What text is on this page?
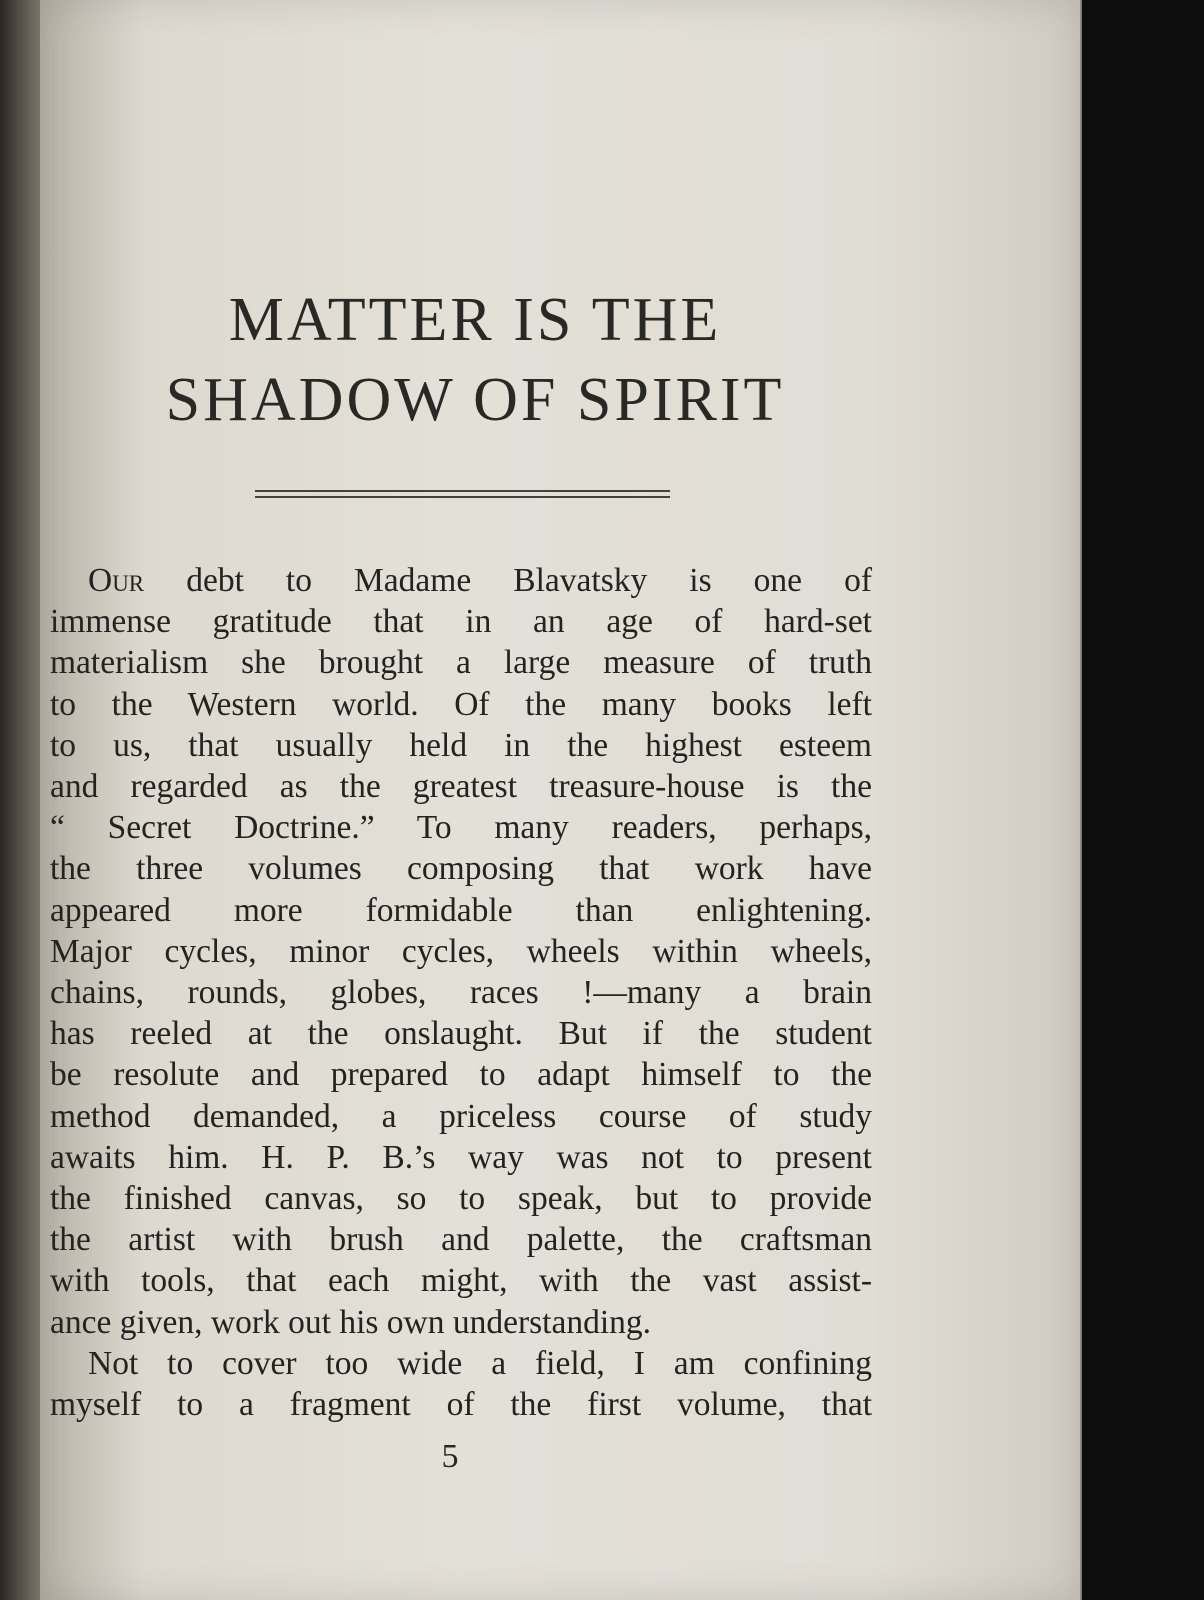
MATTER IS THE
SHADOW OF SPIRIT
Our debt to Madame Blavatsky is one of
immense gratitude that in an age of hard-set
materialism she brought a large measure of truth
to the Western world. Of the many books left
to us, that usually held in the highest esteem
and regarded as the greatest treasure-house is the
“ Secret Doctrine.” To many readers, perhaps,
the three volumes composing that work have
appeared more formidable than enlightening.
Major cycles, minor cycles, wheels within wheels,
chains, rounds, globes, races !—many a brain
has reeled at the onslaught. But if the student
be resolute and prepared to adapt himself to the
method demanded, a priceless course of study
awaits him. H. P. B.’s way was not to present
the finished canvas, so to speak, but to provide
the artist with brush and palette, the craftsman
with tools, that each might, with the vast assist-
ance given, work out his own understanding.
Not to cover too wide a field, I am confining
myself to a fragment of the first volume, that
5
